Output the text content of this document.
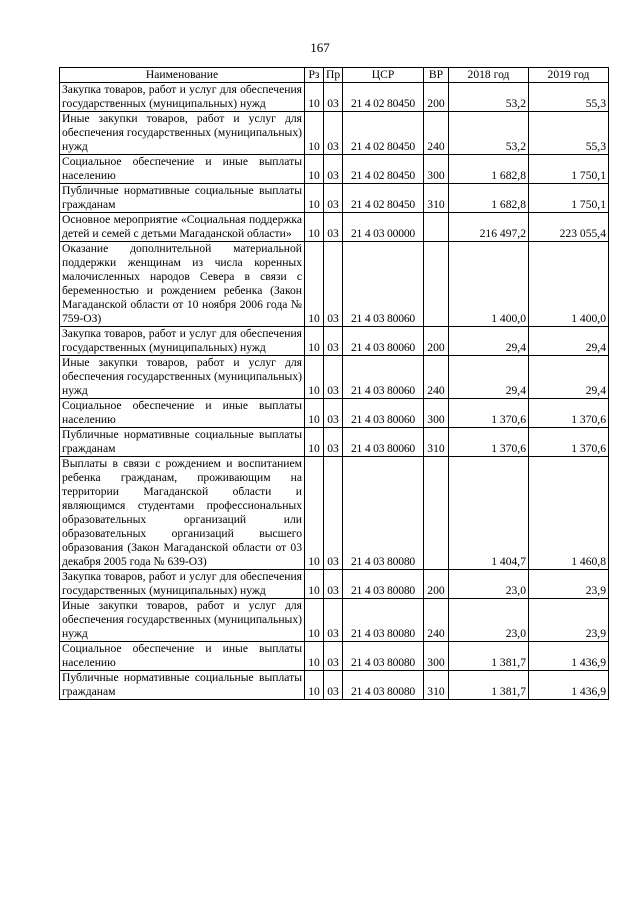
167
Наименование	Рз	Пр	ЦСР	ВР	2018 год	2019 год
Закупка товаров, работ и услуг для обеспечения государственных (муниципальных) нужд	10	03	21 4 02 80450	200	53,2	55,3
Иные закупки товаров, работ и услуг для обеспечения государственных (муниципальных) нужд	10	03	21 4 02 80450	240	53,2	55,3
Социальное обеспечение и иные выплаты населению	10	03	21 4 02 80450	300	1 682,8	1 750,1
Публичные нормативные социальные выплаты гражданам	10	03	21 4 02 80450	310	1 682,8	1 750,1
Основное мероприятие «Социальная поддержка детей и семей с детьми Магаданской области»	10	03	21 4 03 00000		216 497,2	223 055,4
Оказание дополнительной материальной поддержки женщинам из числа коренных малочисленных народов Севера в связи с беременностью и рождением ребенка (Закон Магаданской области от 10 ноября 2006 года № 759-ОЗ)	10	03	21 4 03 80060		1 400,0	1 400,0
Закупка товаров, работ и услуг для обеспечения государственных (муниципальных) нужд	10	03	21 4 03 80060	200	29,4	29,4
Иные закупки товаров, работ и услуг для обеспечения государственных (муниципальных) нужд	10	03	21 4 03 80060	240	29,4	29,4
Социальное обеспечение и иные выплаты населению	10	03	21 4 03 80060	300	1 370,6	1 370,6
Публичные нормативные социальные выплаты гражданам	10	03	21 4 03 80060	310	1 370,6	1 370,6
Выплаты в связи с рождением и воспитанием ребенка гражданам, проживающим на территории Магаданской области и являющимся студентами профессиональных образовательных организаций или образовательных организаций высшего образования (Закон Магаданской области от 03 декабря 2005 года № 639-ОЗ)	10	03	21 4 03 80080		1 404,7	1 460,8
Закупка товаров, работ и услуг для обеспечения государственных (муниципальных) нужд	10	03	21 4 03 80080	200	23,0	23,9
Иные закупки товаров, работ и услуг для обеспечения государственных (муниципальных) нужд	10	03	21 4 03 80080	240	23,0	23,9
Социальное обеспечение и иные выплаты населению	10	03	21 4 03 80080	300	1 381,7	1 436,9
Публичные нормативные социальные выплаты гражданам	10	03	21 4 03 80080	310	1 381,7	1 436,9
